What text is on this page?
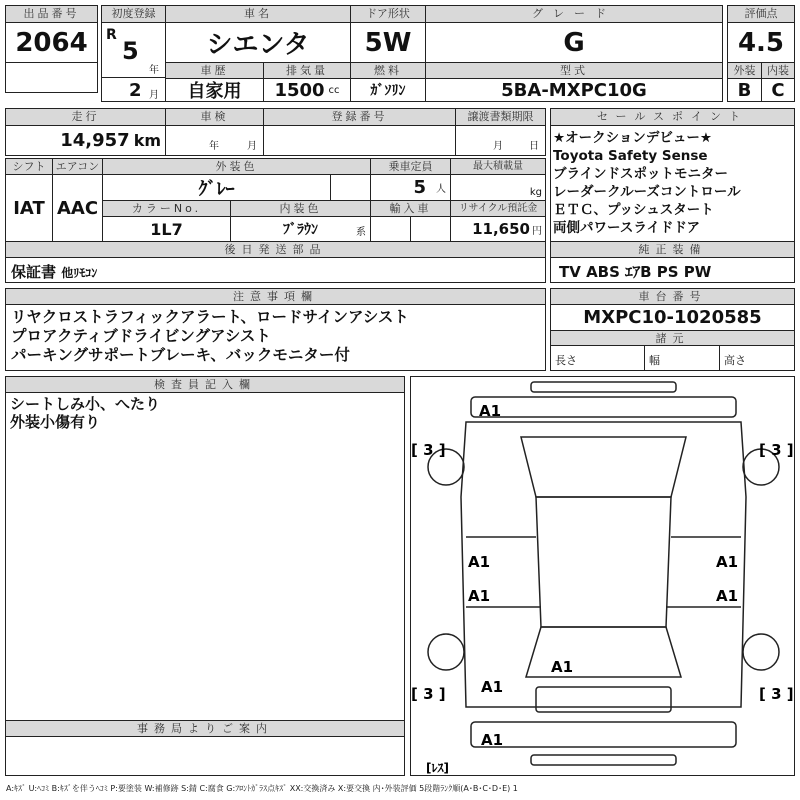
出品番号
2064
初度登録
R
5
年
2 月
車名
シエンタ
ドア形状
5W
グレード
G
車歴
自家用
排気量
1500 cc
燃料
ｶﾞｿﾘﾝ
型式
5BA-MXPC10G
評価点
4.5
外装	内装
B	C
走行
14,957 km
車検
年	月
登録番号	譲渡書類期限
月	日
セールスポイント
★オークションデビュー★
Toyota Safety Sense
ブラインドスポットモニター
レーダークルーズコントロール
ＥＴＣ、プッシュスタート
両側パワースライドドア
シフト
IAT
エアコン
AAC
外装色
ｸﾞﾚｰ
乗車定員
5 人
最大積載量
kg
カラーNo.
1L7
内装色
ﾌﾞﾗｳﾝ	系
輸入車	リサイクル預託金
11,650 円
後日発送部品
保証書 他ﾘﾓｺﾝ
純正装備
TV ABS ｴｱB PS PW
注意事項欄
リヤクロストラフィックアラート、ロードサインアシスト
プロアクティブドライビングアシスト
パーキングサポートブレーキ、バックモニター付
車台番号
MXPC10-1020585
諸元
長さ	幅	高さ
検査員記入欄
シートしみ小、へたり
外装小傷有り
事務局よりご案内
A1
[ 3 ]	[ 3 ]
A1	A1
A1	A1
[ 3 ]	[ 3 ]
A1
A1
A1
[ﾚｽ]
A:ｷｽﾞ U:ﾍｺﾐ B:ｷｽﾞを伴うﾍｺﾐ P:要塗装 W:補修跡 S:錆 C:腐食 G:ﾌﾛﾝﾄｶﾞﾗｽ点ｷｽﾞ XX:交換済み X:要交換 内･外装評価 5段階ﾗﾝｸ順(A･B･C･D･E) 1
